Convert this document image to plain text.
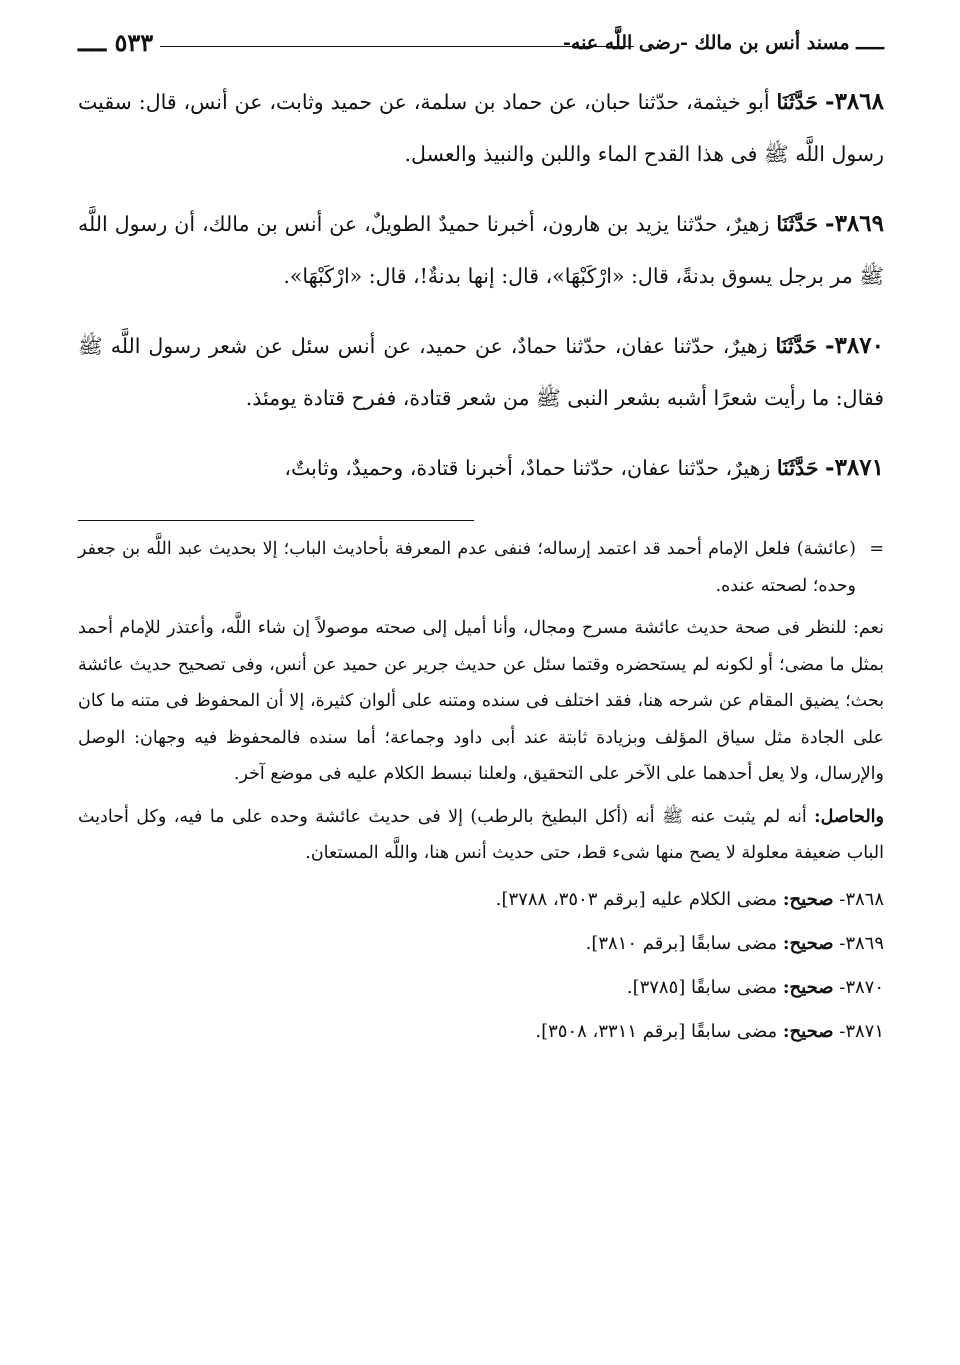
ـــــ مسند أنس بن مالك -رضى اللَّه عنه-
٥٣٣ ــــ

٣٨٦٨- حَدَّثَنَا أبو خيثمة، حدّثنا حبان، عن حماد بن سلمة، عن حميد وثابت، عن أنس، قال: سقيت رسول اللَّه ﷺ فى هذا القدح الماء واللبن والنبيذ والعسل.

٣٨٦٩- حَدَّثَنَا زهيرٌ، حدّثنا يزيد بن هارون، أخبرنا حميدٌ الطويلٌ، عن أنس بن مالك، أن رسول اللَّه ﷺ مر برجل يسوق بدنةً، قال: «ارْكَبْهَا»، قال: إنها بدنةٌ!، قال: «ارْكَبْهَا».

٣٨٧٠- حَدَّثَنَا زهيرٌ، حدّثنا عفان، حدّثنا حمادٌ، عن حميد، عن أنس سئل عن شعر رسول اللَّه ﷺ فقال: ما رأيت شعرًا أشبه بشعر النبى ﷺ من شعر قتادة، ففرح قتادة يومئذ.

٣٨٧١- حَدَّثَنَا زهيرٌ، حدّثنا عفان، حدّثنا حمادٌ، أخبرنا قتادة، وحميدٌ، وثابتٌ،

=
(عائشة) فلعل الإمام أحمد قد اعتمد إرساله؛ فنفى عدم المعرفة بأحاديث الباب؛ إلا بحديث عبد اللَّه بن جعفر وحده؛ لصحته عنده.

نعم: للنظر فى صحة حديث عائشة مسرح ومجال، وأنا أميل إلى صحته موصولاً إن شاء اللَّه، وأعتذر للإمام أحمد بمثل ما مضى؛ أو لكونه لم يستحضره وقتما سئل عن حديث جرير عن حميد عن أنس، وفى تصحيح حديث عائشة بحث؛ يضيق المقام عن شرحه هنا، فقد اختلف فى سنده ومتنه على ألوان كثيرة، إلا أن المحفوظ فى متنه ما كان على الجادة مثل سياق المؤلف وبزيادة ثابتة عند أبى داود وجماعة؛ أما سنده فالمحفوظ فيه وجهان: الوصل والإرسال، ولا يعل أحدهما على الآخر على التحقيق، ولعلنا نبسط الكلام عليه فى موضع آخر.

والحاصل: أنه لم يثبت عنه ﷺ أنه (أكل البطيخ بالرطب) إلا فى حديث عائشة وحده على ما فيه، وكل أحاديث الباب ضعيفة معلولة لا يصح منها شىء قط، حتى حديث أنس هنا، واللَّه المستعان.

٣٨٦٨- صحيح: مضى الكلام عليه [برقم ٣٥٠٣، ٣٧٨٨].

٣٨٦٩- صحيح: مضى سابقًا [برقم ٣٨١٠].

٣٨٧٠- صحيح: مضى سابقًا [٣٧٨٥].

٣٨٧١- صحيح: مضى سابقًا [برقم ٣٣١١، ٣٥٠٨].
